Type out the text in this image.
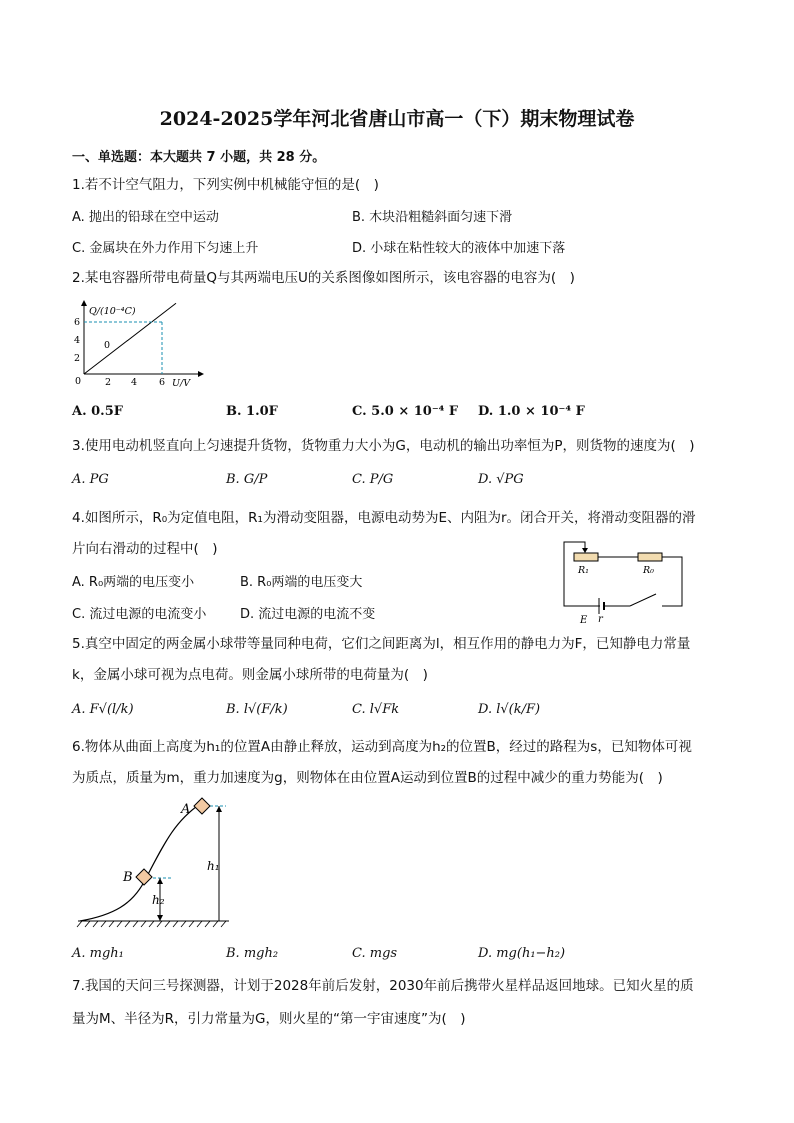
2024-2025学年河北省唐山市高一（下）期末物理试卷
一、单选题：本大题共 7 小题，共 28 分。
1.若不计空气阻力，下列实例中机械能守恒的是(　)
A. 抛出的铅球在空中运动	B. 木块沿粗糙斜面匀速下滑
C. 金属块在外力作用下匀速上升	D. 小球在粘性较大的液体中加速下落
2.某电容器所带电荷量Q与其两端电压U的关系图像如图所示，该电容器的电容为(　)
Q/(10⁻⁴C)
U/V
6
4
2
0	2 4 6
0
A. 0.5F	B. 1.0F	C. 5.0 × 10⁻⁴ F D. 1.0 × 10⁻⁴ F
3.使用电动机竖直向上匀速提升货物，货物重力大小为G，电动机的输出功率恒为P，则货物的速度为(　)
A. PG	B. G/P	C. P/G	D. √PG
4.如图所示，R₀为定值电阻，R₁为滑动变阻器，电源电动势为E、内阻为r。闭合开关，将滑动变阻器的滑
片向右滑动的过程中(　)
A. R₀两端的电压变小	B. R₀两端的电压变大
C. 流过电源的电流变小	D. 流过电源的电流不变
R₁	R₀
E r
5.真空中固定的两金属小球带等量同种电荷，它们之间距离为l，相互作用的静电力为F，已知静电力常量
k，金属小球可视为点电荷。则金属小球所带的电荷量为(　)
A. F√(l/k)	B. l√(F/k)	C. l√Fk	D. l√(k/F)
6.物体从曲面上高度为h₁的位置A由静止释放，运动到高度为h₂的位置B，经过的路程为s，已知物体可视
为质点，质量为m，重力加速度为g，则物体在由位置A运动到位置B的过程中减少的重力势能为(　)
A
B
h₁
h₂
A. mgh₁	B. mgh₂	C. mgs	D. mg(h₁−h₂)
7.我国的天问三号探测器，计划于2028年前后发射，2030年前后携带火星样品返回地球。已知火星的质
量为M、半径为R，引力常量为G，则火星的“第一宇宙速度”为(　)
